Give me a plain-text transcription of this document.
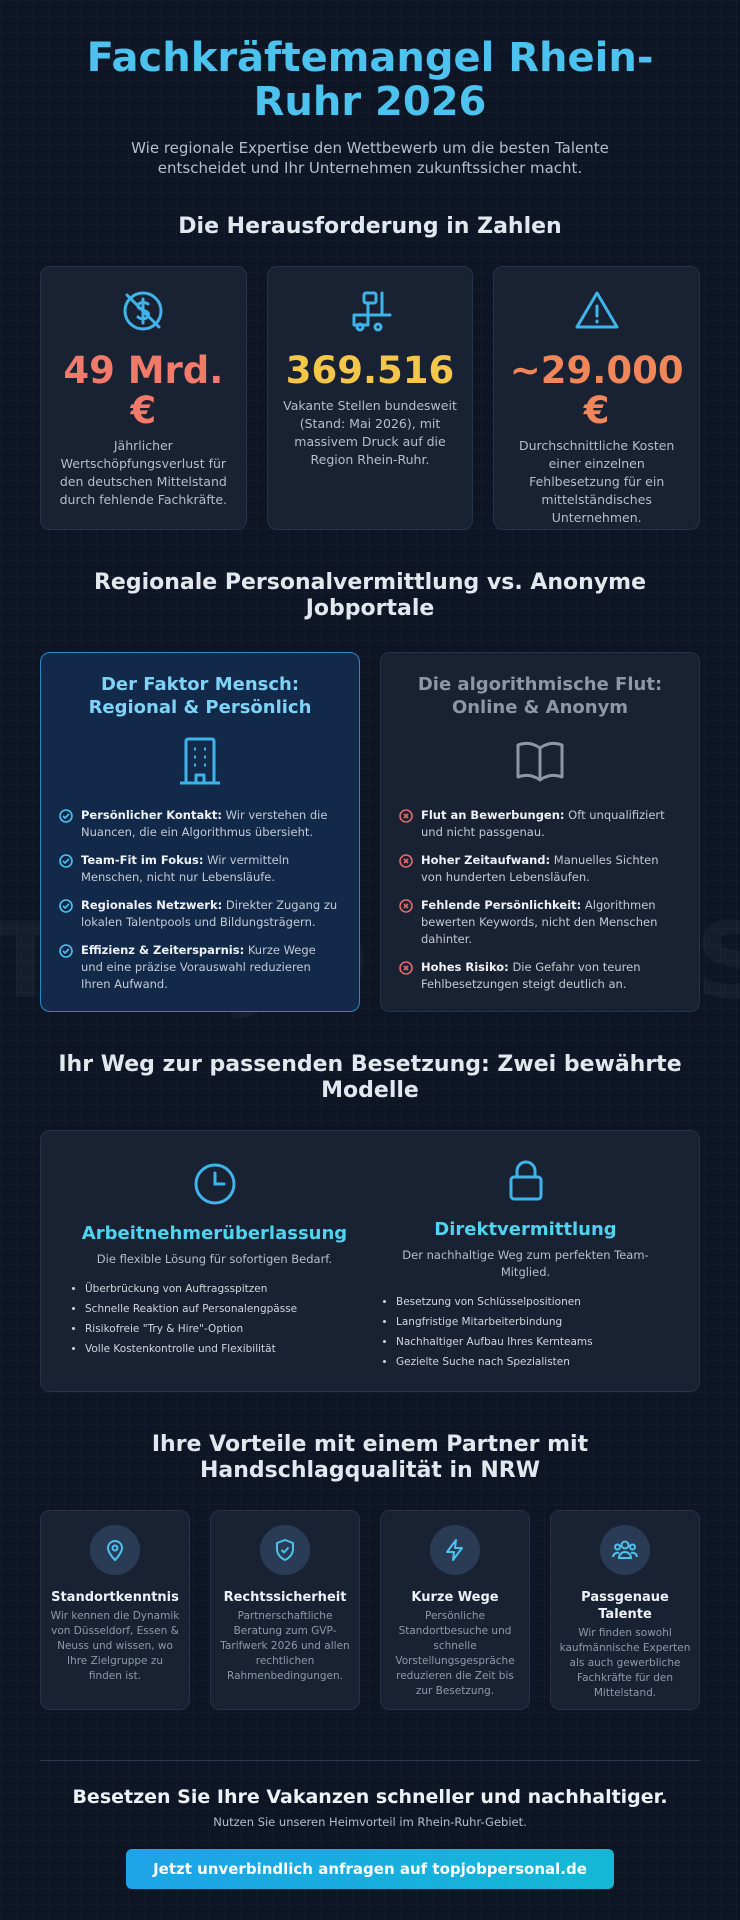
Fachkräftemangel Rhein-Ruhr 2026

Wie regionale Expertise den Wettbewerb um die besten Talente entscheidet und Ihr Unternehmen zukunftssicher macht.

Die Herausforderung in Zahlen
49 Mrd. €
Jährlicher Wertschöpfungsverlust für den deutschen Mittelstand durch fehlende Fachkräfte.
369.516
Vakante Stellen bundesweit (Stand: Mai 2026), mit massivem Druck auf die Region Rhein-Ruhr.
~29.000 €
Durchschnittliche Kosten einer einzelnen Fehlbesetzung für ein mittelständisches Unternehmen.
Regionale Personalvermittlung vs. Anonyme Jobportale
Der Faktor Mensch: Regional & Persönlich
Persönlicher Kontakt: Wir verstehen die Nuancen, die ein Algorithmus übersieht.
Team-Fit im Fokus: Wir vermitteln Menschen, nicht nur Lebensläufe.
Regionales Netzwerk: Direkter Zugang zu lokalen Talentpools und Bildungsträgern.
Effizienz & Zeitersparnis: Kurze Wege und eine präzise Vorauswahl reduzieren Ihren Aufwand.
Die algorithmische Flut: Online & Anonym
Flut an Bewerbungen: Oft unqualifiziert und nicht passgenau.
Hoher Zeitaufwand: Manuelles Sichten von hunderten Lebensläufen.
Fehlende Persönlichkeit: Algorithmen bewerten Keywords, nicht den Menschen dahinter.
Hohes Risiko: Die Gefahr von teuren Fehlbesetzungen steigt deutlich an.
Ihr Weg zur passenden Besetzung: Zwei bewährte Modelle
Arbeitnehmerüberlassung
Die flexible Lösung für sofortigen Bedarf.
• Überbrückung von Auftragsspitzen
• Schnelle Reaktion auf Personalengpässe
• Risikofreie "Try & Hire"-Option
• Volle Kostenkontrolle und Flexibilität
Direktvermittlung
Der nachhaltige Weg zum perfekten Team-Mitglied.
• Besetzung von Schlüsselpositionen
• Langfristige Mitarbeiterbindung
• Nachhaltiger Aufbau Ihres Kernteams
• Gezielte Suche nach Spezialisten
Ihre Vorteile mit einem Partner mit Handschlagqualität in NRW
Standortkenntnis

Wir kennen die Dynamik von Düsseldorf, Essen & Neuss und wissen, wo Ihre Zielgruppe zu finden ist.

Rechtssicherheit

Partnerschaftliche Beratung zum GVP-Tarifwerk 2026 und allen rechtlichen Rahmenbedingungen.

Kurze Wege

Persönliche Standortbesuche und schnelle Vorstellungsgespräche reduzieren die Zeit bis zur Besetzung.

Passgenaue Talente

Wir finden sowohl kaufmännische Experten als auch gewerbliche Fachkräfte für den Mittelstand.

Besetzen Sie Ihre Vakanzen schneller und nachhaltiger.

Nutzen Sie unseren Heimvorteil im Rhein-Ruhr-Gebiet.

Jetzt unverbindlich anfragen auf topjobpersonal.de
